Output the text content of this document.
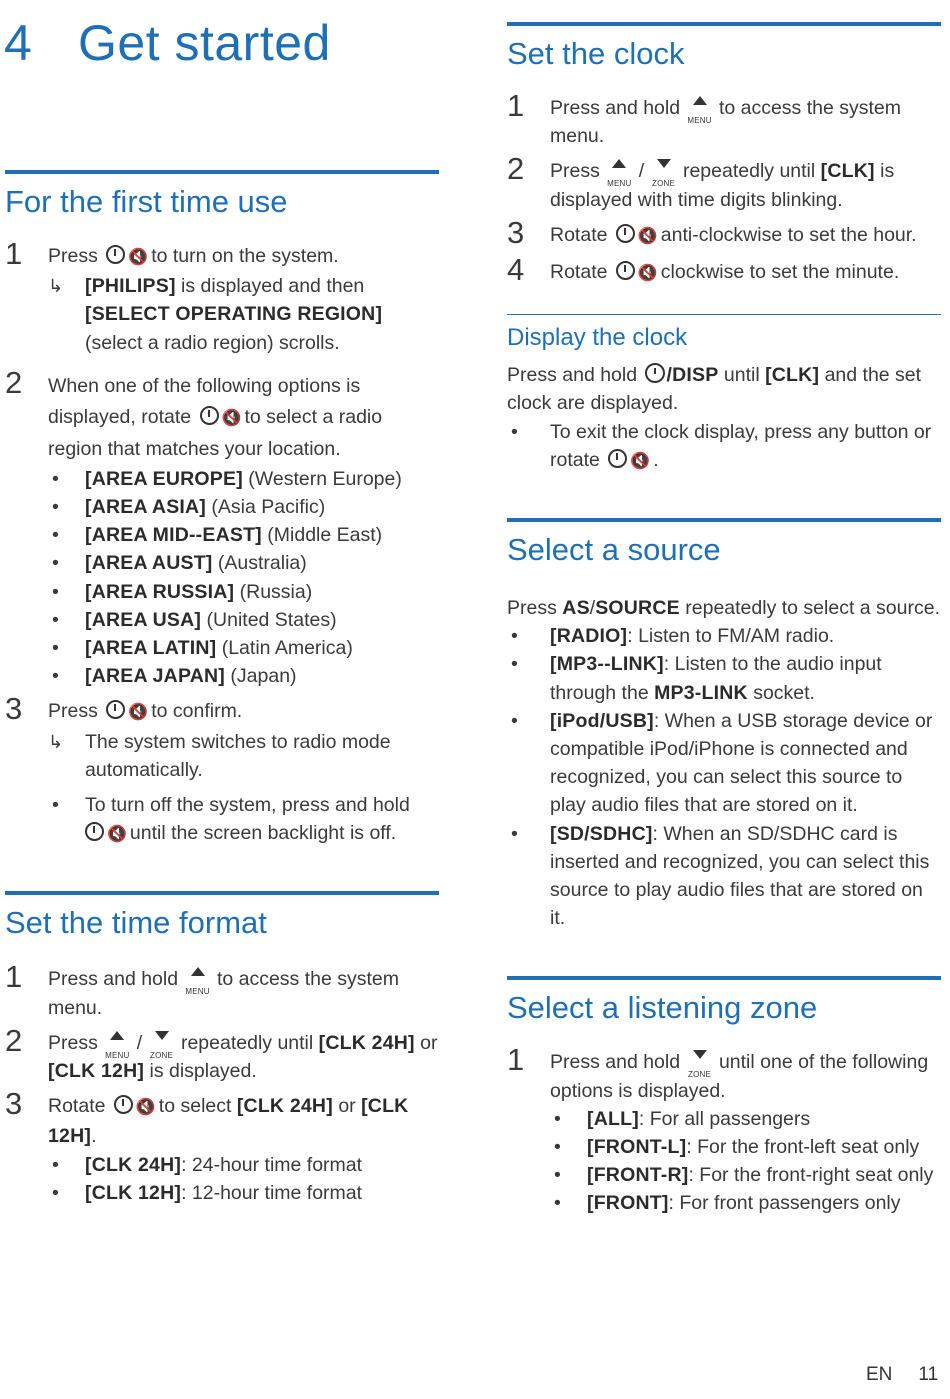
4 Get started
For the first time use
1 Press 🔇 to turn on the system.

↳ [PHILIPS] is displayed and then
[SELECT OPERATING REGION]
(select a radio region) scrolls.

2 When one of the following options is displayed, rotate 🔇 to select a radio region that matches your location.

• [AREA EUROPE] (Western Europe)
• [AREA ASIA] (Asia Pacific)
• [AREA MID--EAST] (Middle East)
• [AREA AUST] (Australia)
• [AREA RUSSIA] (Russia)
• [AREA USA] (United States)
• [AREA LATIN] (Latin America)
• [AREA JAPAN] (Japan)
3 Press 🔇 to confirm.

↳ The system switches to radio mode automatically.

• To turn off the system, press and hold
🔇 until the screen backlight is off.
Set the time format
1 Press and hold
MENU
to access the system menu.

2 Press
MENU
/
ZONE
repeatedly until [CLK 24H] or [CLK 12H] is displayed.

3 Rotate 🔇 to select [CLK 24H] or [CLK 12H].

• [CLK 24H]: 24-hour time format
• [CLK 12H]: 12-hour time format
Set the clock
1 Press and hold
MENU
to access the system menu.

2 Press
MENU
/
ZONE
repeatedly until [CLK] is displayed with time digits blinking.

3 Rotate 🔇 anti-clockwise to set the hour.

4 Rotate 🔇 clockwise to set the minute.

Display the clock

Press and hold /DISP until [CLK] and the set clock are displayed.

• To exit the clock display, press any button or rotate 🔇 .
Select a source

Press AS/SOURCE repeatedly to select a source.

• [RADIO]: Listen to FM/AM radio.
• [MP3--LINK]: Listen to the audio input through the MP3-LINK socket.
• [iPod/USB]: When a USB storage device or compatible iPod/iPhone is connected and recognized, you can select this source to play audio files that are stored on it.
• [SD/SDHC]: When an SD/SDHC card is inserted and recognized, you can select this source to play audio files that are stored on it.
Select a listening zone
1 Press and hold
ZONE
until one of the following options is displayed.

• [ALL]: For all passengers
• [FRONT-L]: For the front-left seat only
• [FRONT-R]: For the front-right seat only
• [FRONT]: For front passengers only
EN 11
